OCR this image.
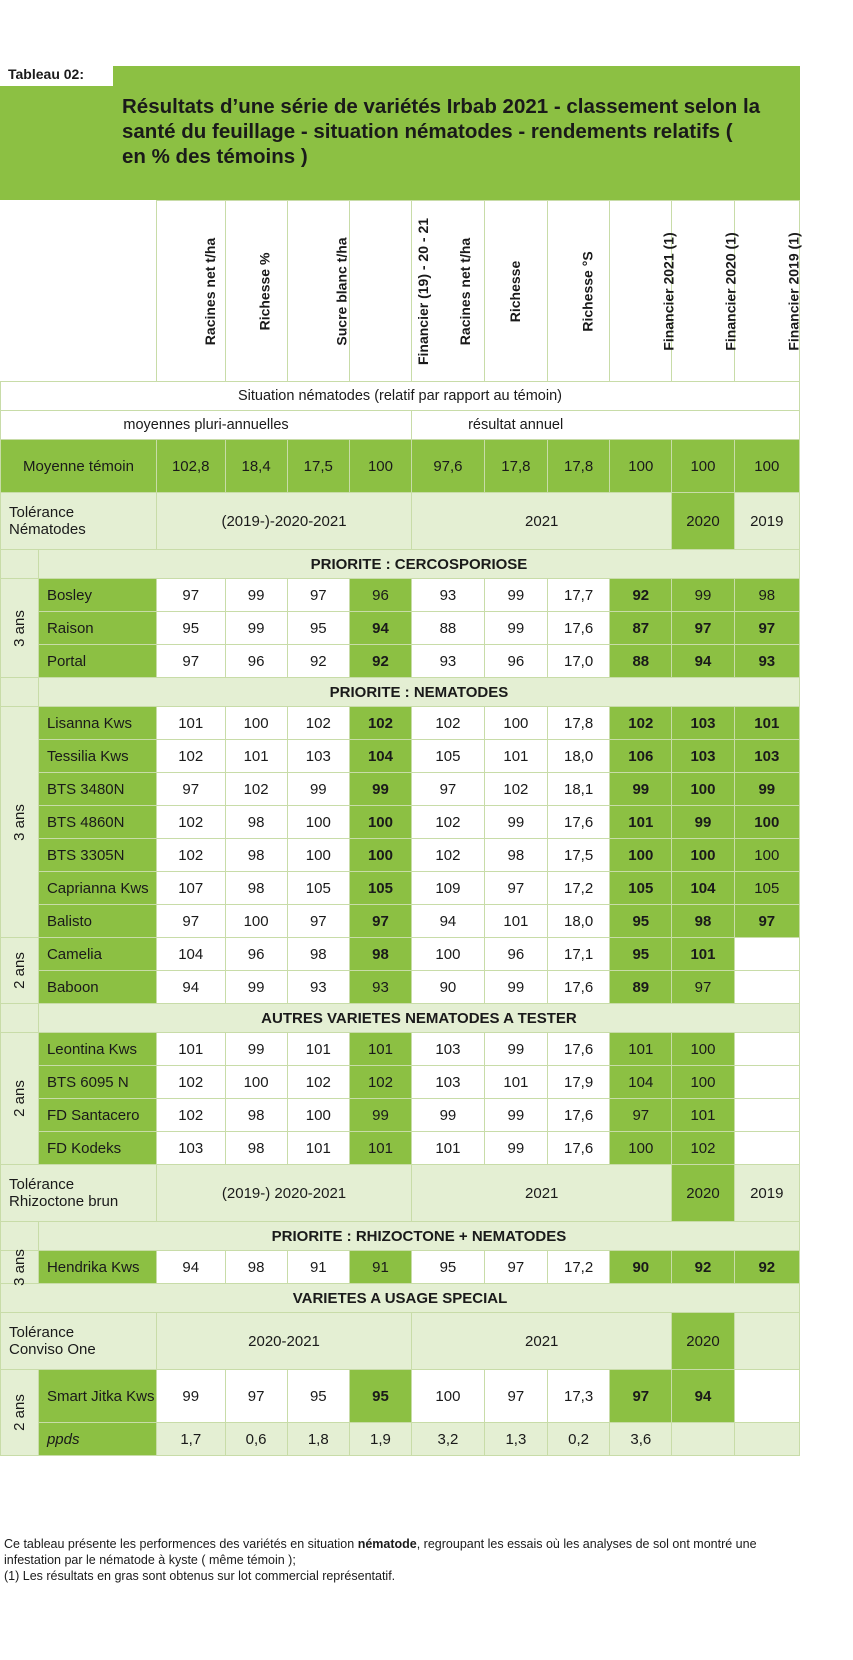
Tableau 02:
Résultats d’une série de variétés Irbab 2021 - classement selon la santé du feuillage - situation nématodes - rendements relatifs ( en % des témoins )
		Racines net t/ha	Richesse %	Sucre blanc t/ha	Financier (19) - 20 - 21	Racines net t/ha	Richesse	Richesse °S	Financier 2021 (1)	Financier 2020 (1)	Financier 2019 (1)
Situation nématodes (relatif par rapport au témoin)											
moyennes pluri-annuelles						résultat annuel					
Moyenne témoin		102,8	18,4	17,5	100	97,6	17,8	17,8	100	100	100

Tolérance
Nématodes		(2019-)-2020-2021				2021				2020	2019
	PRIORITE : CERCOSPORIOSE										
3 ans	Bosley	97	99	97	96	93	99	17,7	92	99	98
	Raison	95	99	95	94	88	99	17,6	87	97	97
	Portal	97	96	92	92	93	96	17,0	88	94	93
	PRIORITE : NEMATODES										
3 ans	Lisanna Kws	101	100	102	102	102	100	17,8	102	103	101
	Tessilia Kws	102	101	103	104	105	101	18,0	106	103	103
	BTS 3480N	97	102	99	99	97	102	18,1	99	100	99
	BTS 4860N	102	98	100	100	102	99	17,6	101	99	100
	BTS 3305N	102	98	100	100	102	98	17,5	100	100	100
	Caprianna Kws	107	98	105	105	109	97	17,2	105	104	105
	Balisto	97	100	97	97	94	101	18,0	95	98	97
2 ans	Camelia	104	96	98	98	100	96	17,1	95	101	
	Baboon	94	99	93	93	90	99	17,6	89	97	
	AUTRES VARIETES NEMATODES A TESTER										
2 ans	Leontina Kws	101	99	101	101	103	99	17,6	101	100	
	BTS 6095 N	102	100	102	102	103	101	17,9	104	100	
	FD Santacero	102	98	100	99	99	99	17,6	97	101	
	FD Kodeks	103	98	101	101	101	99	17,6	100	102	

Tolérance
Rhizoctone brun		(2019-) 2020-2021				2021				2020	2019
	PRIORITE : RHIZOCTONE + NEMATODES										
3 ans	Hendrika Kws	94	98	91	91	95	97	17,2	90	92	92
VARIETES A USAGE SPECIAL											

Tolérance
Conviso One		2020-2021				2021				2020	
2 ans	Smart Jitka Kws	99	97	95	95	100	97	17,3	97	94	
	ppds	1,7	0,6	1,8	1,9	3,2	1,3	0,2	3,6		
Ce tableau présente les performences des variétés en situation nématode, regroupant les essais où les analyses de sol ont montré une infestation par le nématode à kyste ( même témoin );
(1) Les résultats en gras sont obtenus sur lot commercial représentatif.
